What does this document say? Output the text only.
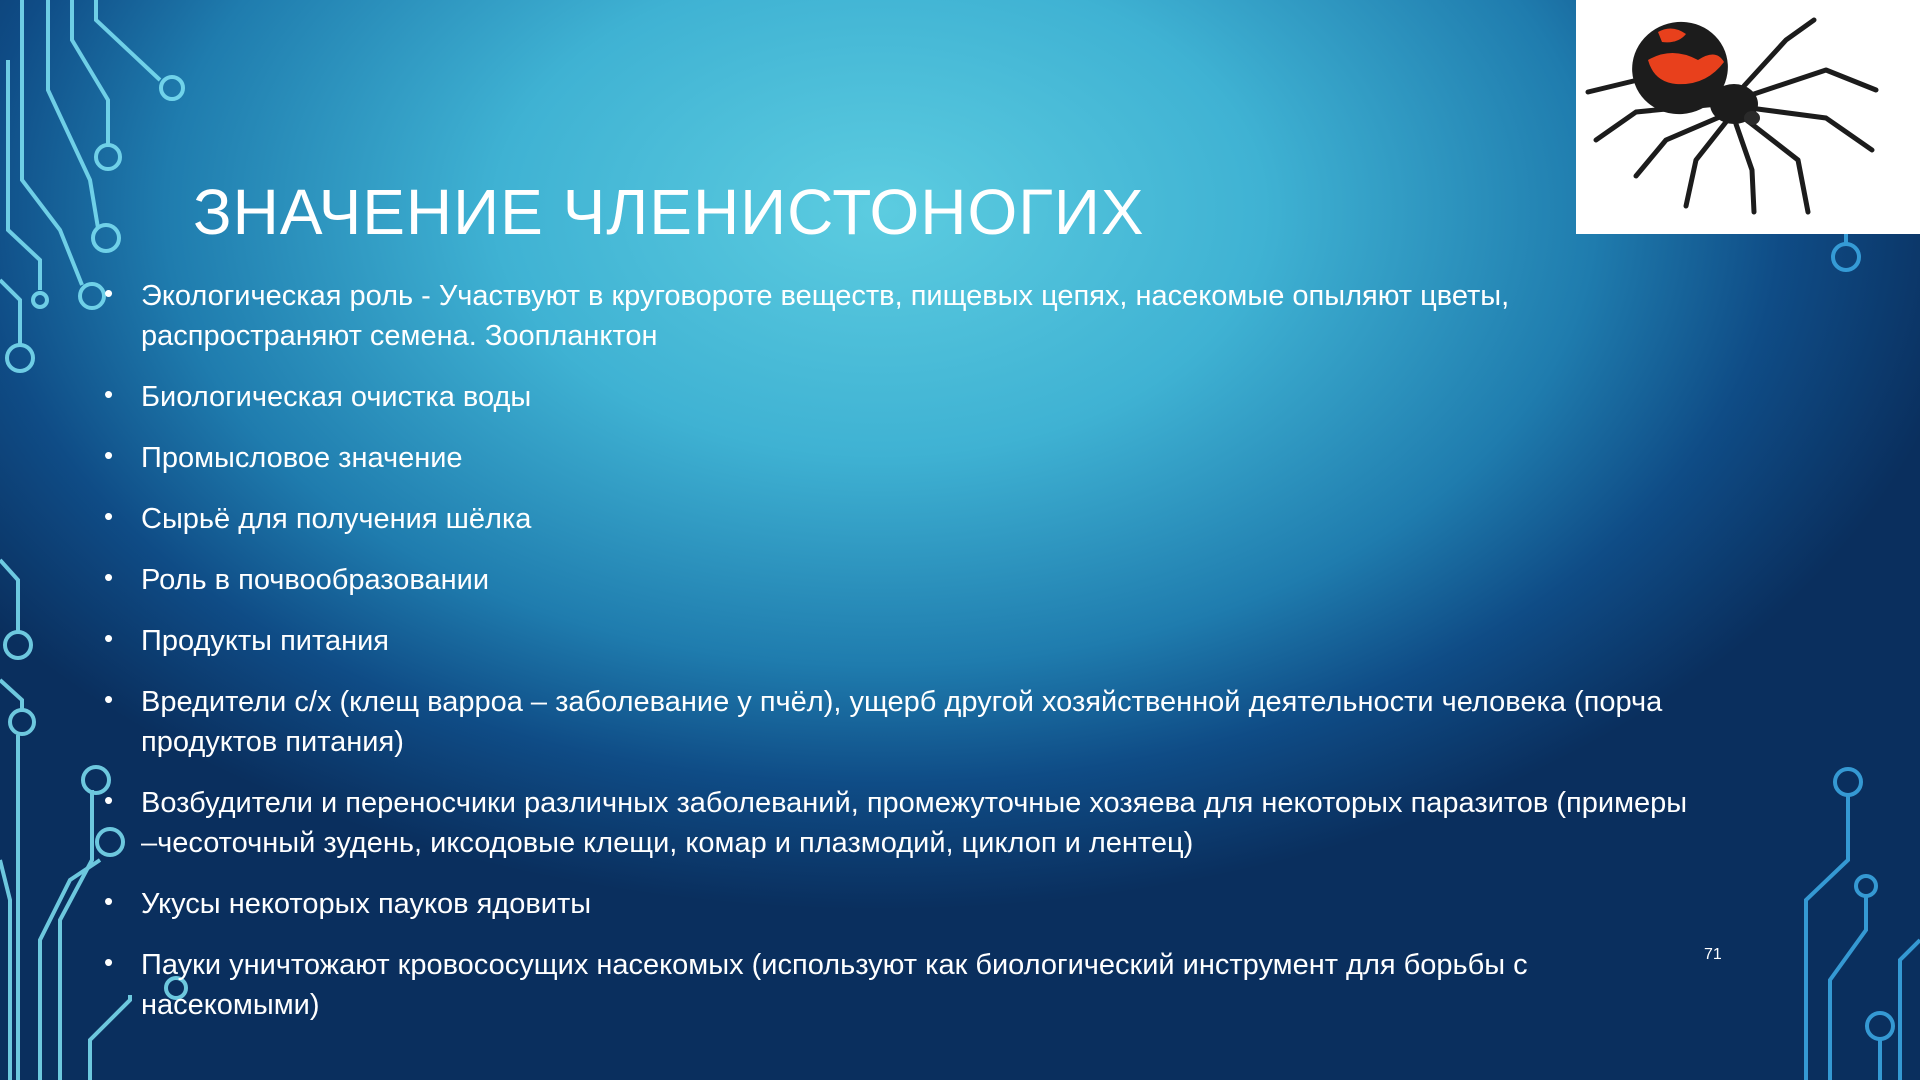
ЗНАЧЕНИЕ ЧЛЕНИСТОНОГИХ
• Экологическая роль - Участвуют в круговороте веществ, пищевых цепях, насекомые опыляют цветы, распространяют семена. Зоопланктон
• Биологическая очистка воды
• Промысловое значение
• Сырьё для получения шёлка
• Роль в почвообразовании
• Продукты питания
• Вредители с/х (клещ варроа – заболевание у пчёл), ущерб другой хозяйственной деятельности человека (порча продуктов питания)
• Возбудители и переносчики различных заболеваний, промежуточные хозяева для некоторых паразитов (примеры –чесоточный зудень, иксодовые клещи, комар и плазмодий, циклоп и лентец)
• Укусы некоторых пауков ядовиты
• Пауки уничтожают кровососущих насекомых (используют как биологический инструмент для борьбы с насекомыми)
71
